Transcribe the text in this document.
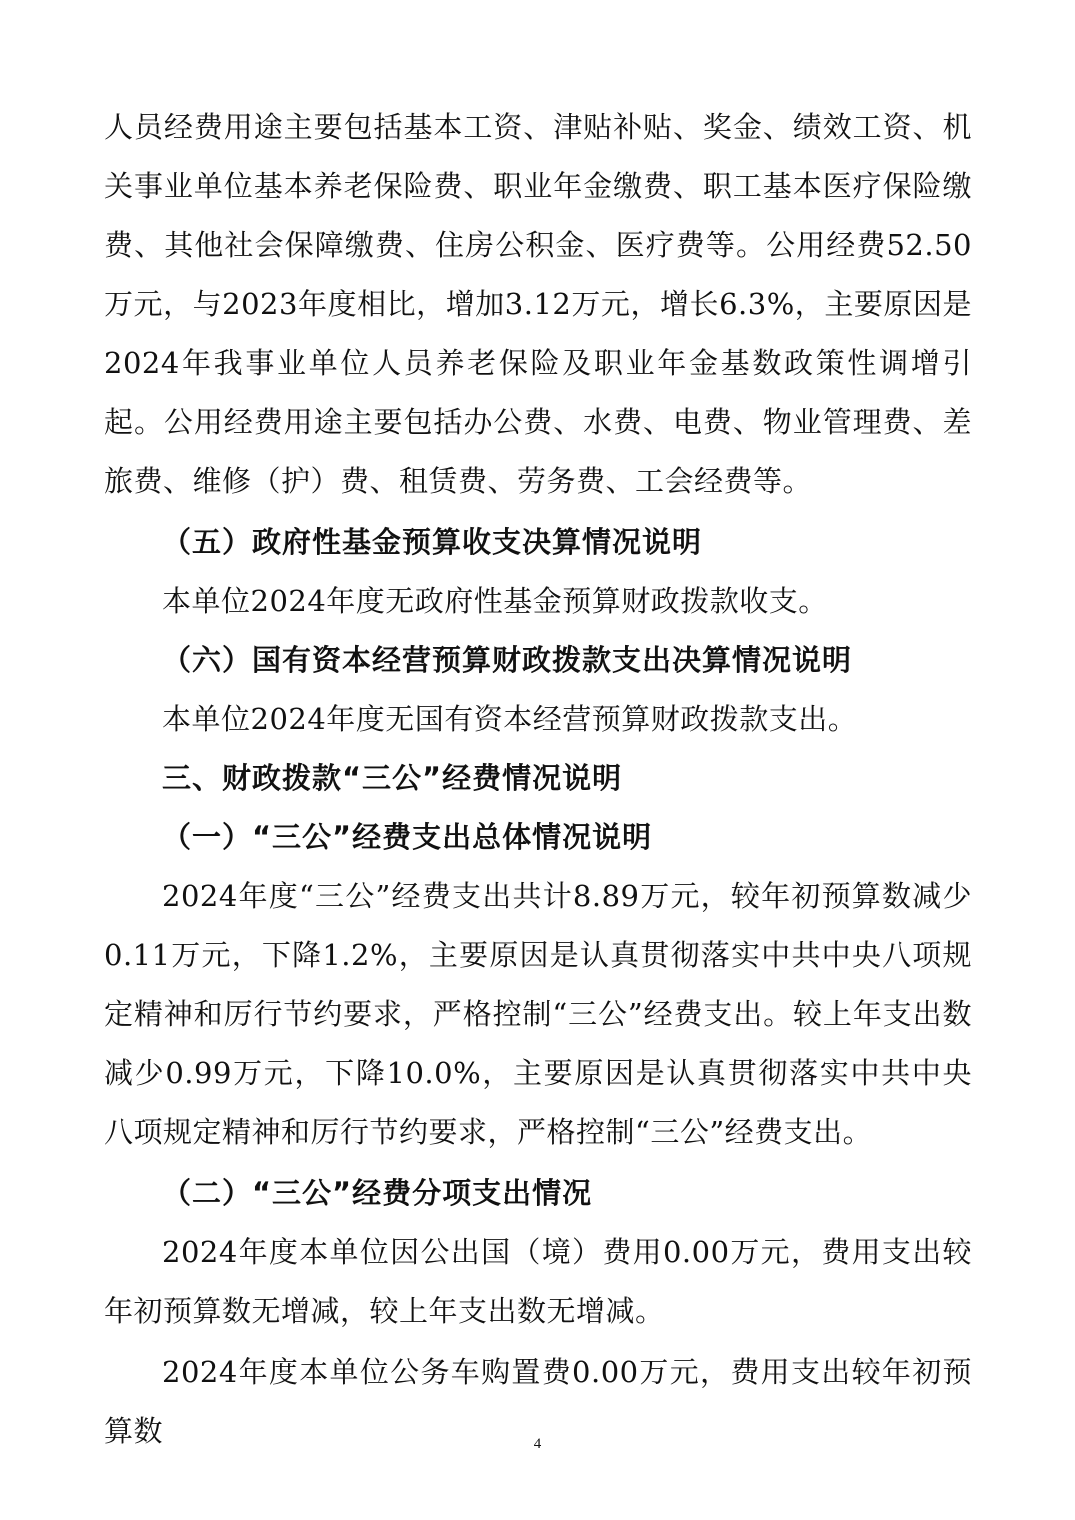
人员经费用途主要包括基本工资、津贴补贴、奖金、绩效工资、机关事业单位基本养老保险费、职业年金缴费、职工基本医疗保险缴费、其他社会保障缴费、住房公积金、医疗费等。公用经费52.50万元，与2023年度相比，增加3.12万元，增长6.3%，主要原因是2024年我事业单位人员养老保险及职业年金基数政策性调增引起。公用经费用途主要包括办公费、水费、电费、物业管理费、差旅费、维修（护）费、租赁费、劳务费、工会经费等。

（五）政府性基金预算收支决算情况说明

本单位2024年度无政府性基金预算财政拨款收支。

（六）国有资本经营预算财政拨款支出决算情况说明

本单位2024年度无国有资本经营预算财政拨款支出。

三、财政拨款“三公”经费情况说明

（一）“三公”经费支出总体情况说明

2024年度“三公”经费支出共计8.89万元，较年初预算数减少0.11万元，下降1.2%，主要原因是认真贯彻落实中共中央八项规定精神和厉行节约要求，严格控制“三公”经费支出。较上年支出数减少0.99万元，下降10.0%，主要原因是认真贯彻落实中共中央八项规定精神和厉行节约要求，严格控制“三公”经费支出。

（二）“三公”经费分项支出情况

2024年度本单位因公出国（境）费用0.00万元，费用支出较年初预算数无增减，较上年支出数无增减。

2024年度本单位公务车购置费0.00万元，费用支出较年初预算数	4
